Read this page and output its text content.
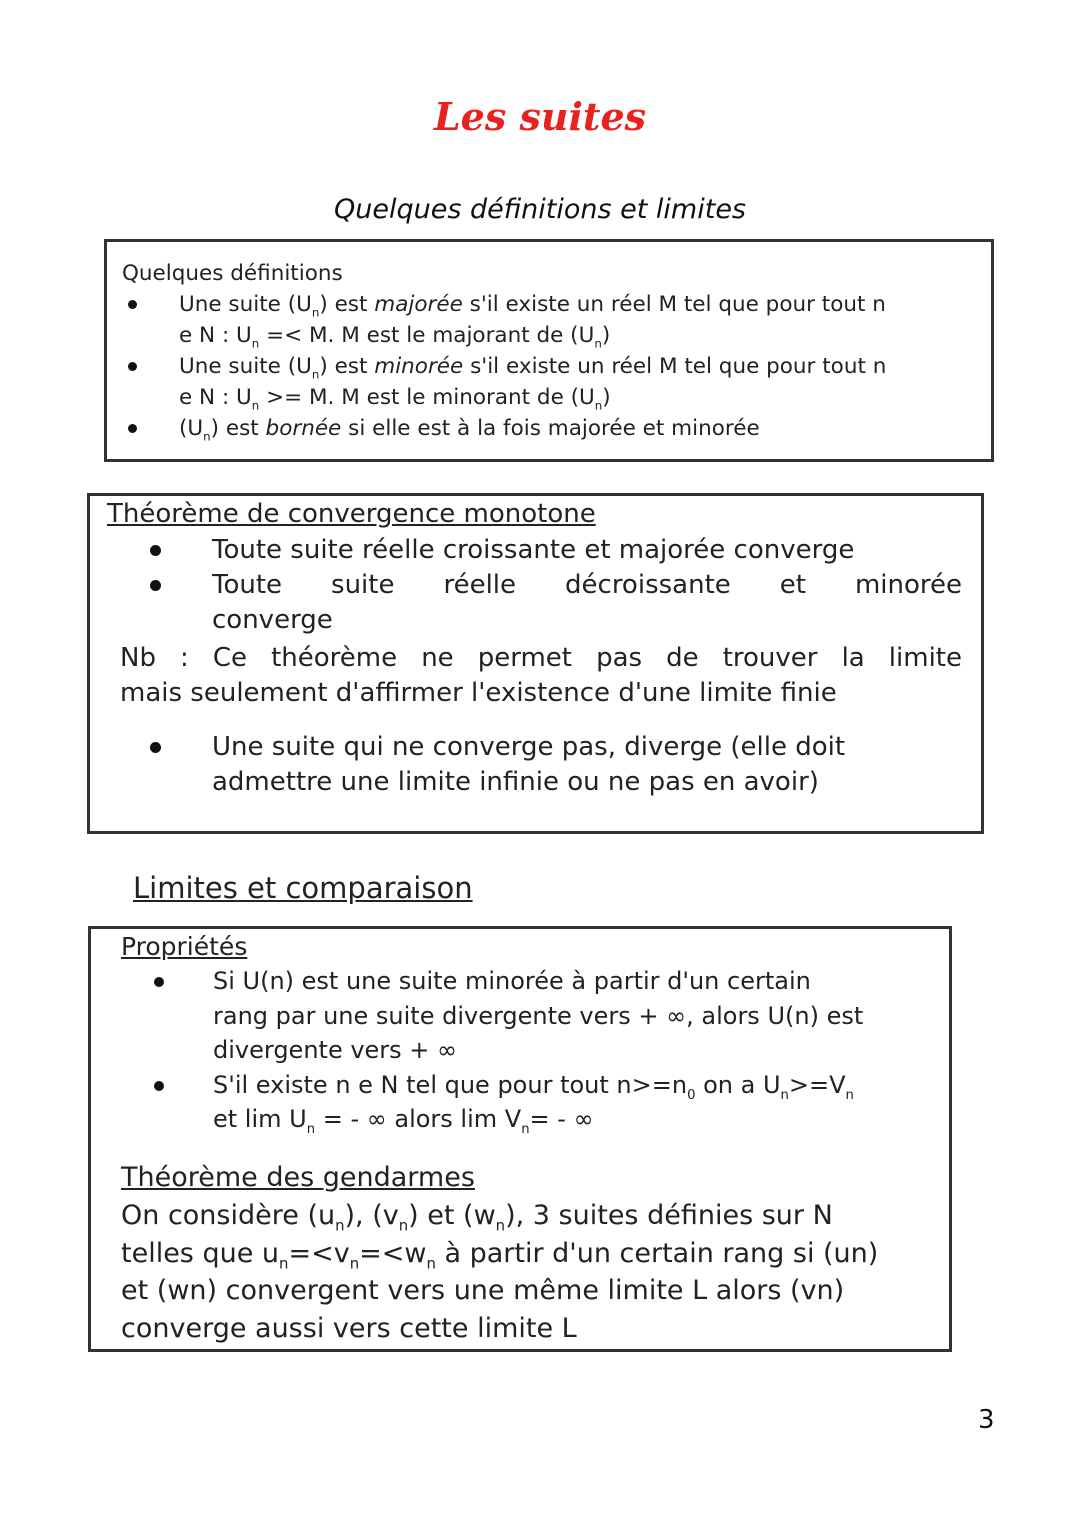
Les suites
Quelques définitions et limites
Quelques définitions
Une suite $(U_n)$ est majorée s'il existe un réel M tel que pour tout n
e N : $U_n =< M$. M est le majorant de $(U_n)$
Une suite $(U_n)$ est minorée s'il existe un réel M tel que pour tout n
e N : $U_n >= M$. M est le minorant de $(U_n)$
$(U_n)$ est bornée si elle est à la fois majorée et minorée
Théorème de convergence monotone
Toute suite réelle croissante et majorée converge
Toute suite réelle décroissante et minorée
converge
Nb : Ce théorème ne permet pas de trouver la limite
mais seulement d'affirmer l'existence d'une limite finie
Une suite qui ne converge pas, diverge (elle doit
admettre une limite infinie ou ne pas en avoir)
Limites et comparaison
Propriétés
Si U(n) est une suite minorée à partir d'un certain
rang par une suite divergente vers + ∞, alors U(n) est
divergente vers + ∞
S'il existe n e N tel que pour tout $n>=n_0$ on a $U_n>=V_n$
et $\lim U_n$ = - ∞ alors $\lim V_n=$ - ∞
Théorème des gendarmes
On considère $(u_n)$, $(v_n)$ et $(w_n)$, 3 suites définies sur N
telles que $u_n=<v_n=<w_n$ à partir d'un certain rang si (un)
et (wn) convergent vers une même limite L alors (vn)
converge aussi vers cette limite L
3
